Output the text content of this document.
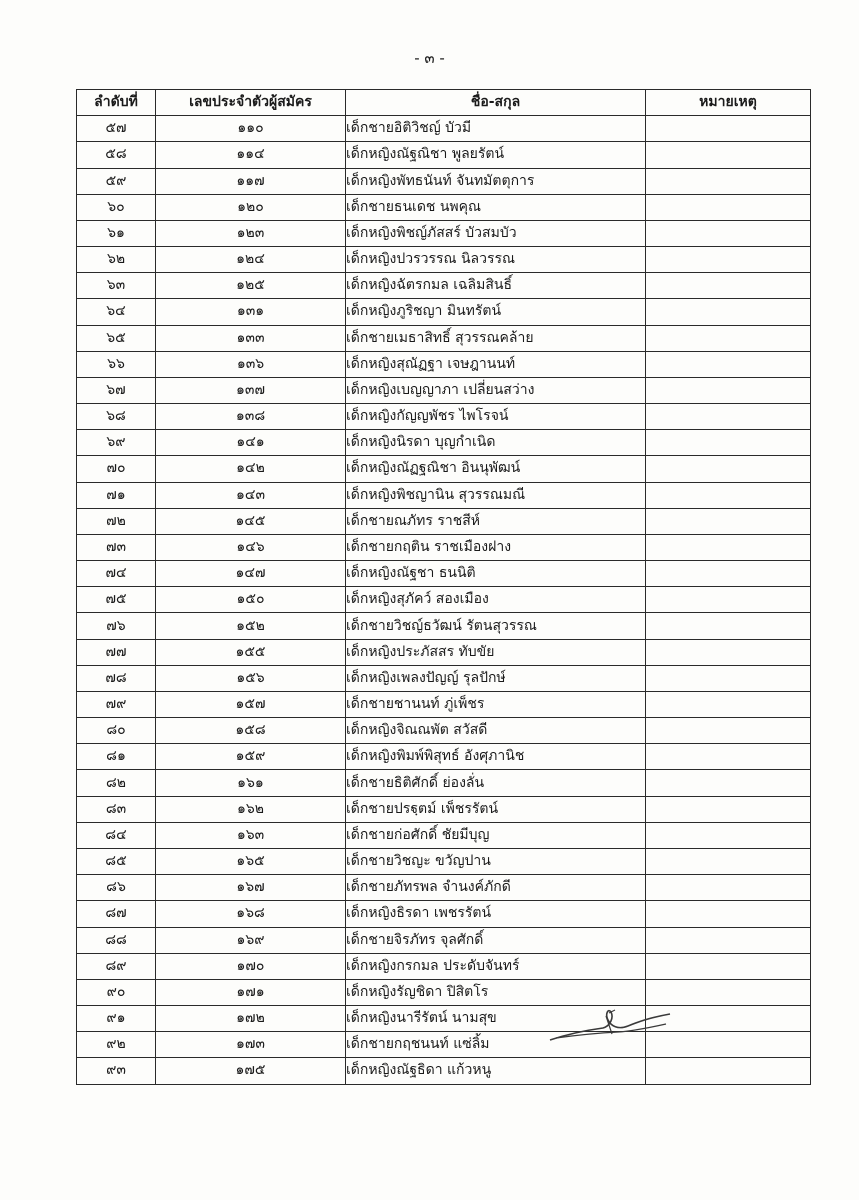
- ๓ -
ลำดับที่	เลขประจำตัวผู้สมัคร	ชื่อ-สกุล	หมายเหตุ
๕๗	๑๑๐	เด็กชายอิติวิชญ์ บัวมี	
๕๘	๑๑๔	เด็กหญิงณัฐณิชา พูลยรัตน์	
๕๙	๑๑๗	เด็กหญิงพัทธนันท์ จันทมัตตุการ	
๖๐	๑๒๐	เด็กชายธนเดช นพคุณ	
๖๑	๑๒๓	เด็กหญิงพิชญ์ภัสสร์ บัวสมบัว	
๖๒	๑๒๔	เด็กหญิงปวรวรรณ นิลวรรณ	
๖๓	๑๒๕	เด็กหญิงฉัตรกมล เฉลิมสินธิ์	
๖๔	๑๓๑	เด็กหญิงภูริชญา มินทรัตน์	
๖๕	๑๓๓	เด็กชายเมธาสิทธิ์ สุวรรณคล้าย	
๖๖	๑๓๖	เด็กหญิงสุณัฏฐา เจษฎานนท์	
๖๗	๑๓๗	เด็กหญิงเบญญาภา เปลี่ยนสว่าง	
๖๘	๑๓๘	เด็กหญิงกัญญพัชร ไพโรจน์	
๖๙	๑๔๑	เด็กหญิงนิรดา บุญกำเนิด	
๗๐	๑๔๒	เด็กหญิงณัฏฐณิชา อินนุพัฒน์	
๗๑	๑๔๓	เด็กหญิงพิชญานิน สุวรรณมณี	
๗๒	๑๔๕	เด็กชายณภัทร ราชสีห์	
๗๓	๑๔๖	เด็กชายกฤติน ราชเมืองฝาง	
๗๔	๑๔๗	เด็กหญิงณัฐชา ธนนิติ	
๗๕	๑๕๐	เด็กหญิงสุภัคว์ สองเมือง	
๗๖	๑๕๒	เด็กชายวิชญ์ธวัฒน์ รัตนสุวรรณ	
๗๗	๑๕๕	เด็กหญิงประภัสสร ทับขัย	
๗๘	๑๕๖	เด็กหญิงเพลงปัญญ์ รุลปักษ์	
๗๙	๑๕๗	เด็กชายชานนท์ ภู่เพ็ชร	
๘๐	๑๕๘	เด็กหญิงจิณณพัต สวัสดี	
๘๑	๑๕๙	เด็กหญิงพิมพ์พิสุทธ์ อังศุภานิช	
๘๒	๑๖๑	เด็กชายธิติศักดิ์ ย่องลั่น	
๘๓	๑๖๒	เด็กชายปรฐฺตม์ เพ็ชรรัตน์	
๘๔	๑๖๓	เด็กชายก่อศักดิ์ ชัยมีบุญ	
๘๕	๑๖๕	เด็กชายวิชญะ ขวัญปาน	
๘๖	๑๖๗	เด็กชายภัทรพล จำนงค์ภักดี	
๘๗	๑๖๘	เด็กหญิงธิรดา เพชรรัตน์	
๘๘	๑๖๙	เด็กชายจิรภัทร จุลศักดิ์	
๘๙	๑๗๐	เด็กหญิงกรกมล ประดับจันทร์	
๙๐	๑๗๑	เด็กหญิงรัญชิดา ปิสิตโร	
๙๑	๑๗๒	เด็กหญิงนารีรัตน์ นามสุข	
๙๒	๑๗๓	เด็กชายกฤชนนท์ แซ่ลิ้ม	
๙๓	๑๗๕	เด็กหญิงณัฐธิดา แก้วหนู	
